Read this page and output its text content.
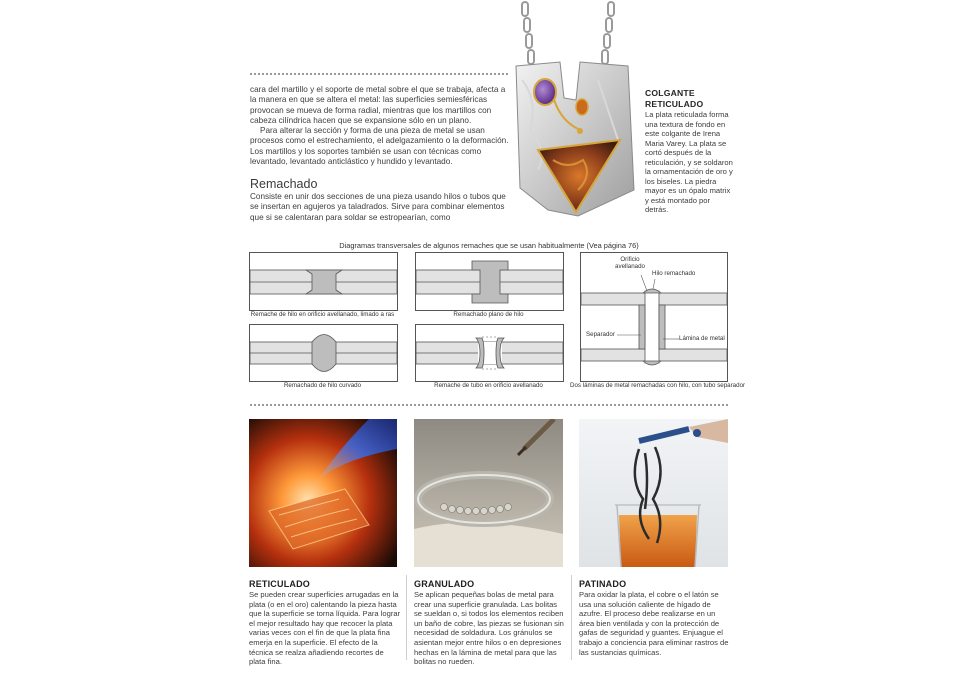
cara del martillo y el soporte de metal sobre el que se trabaja, afecta a la manera en que se altera el metal: las superficies semiesféricas provocan se mueva de forma radial, mientras que los martillos con cabeza cilíndrica hacen que se expansione sólo en un plano.

Para alterar la sección y forma de una pieza de metal se usan procesos como el estrechamiento, el adelgazamiento o la deformación. Los martillos y los soportes también se usan con técnicas como levantado, levantado anticlástico y hundido y levantado.

Remachado
Consiste en unir dos secciones de una pieza usando hilos o tubos que se insertan en agujeros ya taladrados. Sirve para combinar elementos que si se calentaran para soldar se estropearían, como
COLGANTE
RETICULADO
La plata reticulada forma una textura de fondo en este colgante de Irena Maria Varey. La plata se cortó después de la reticulación, y se soldaron la ornamentación de oro y los biseles. La piedra mayor es un ópalo matrix y está montado por detrás.
Diagramas transversales de algunos remaches que se usan habitualmente (Vea página 76)
Remache de hilo en orificio avellanado, limado a ras	Remachado plano de hilo
Remachado de hilo curvado	Remache de tubo en orificio avellanado
Orificio
avellanado
Hilo remachado
Separador
Lámina de metal
Dos láminas de metal remachadas con hilo, con tubo separador
RETICULADO
Se pueden crear superficies arrugadas en la plata (o en el oro) calentando la pieza hasta que la superficie se torna líquida. Para lograr el mejor resultado hay que recocer la plata varias veces con el fin de que la plata fina emerja en la superficie. El efecto de la técnica se realza añadiendo recortes de plata fina.
GRANULADO
Se aplican pequeñas bolas de metal para crear una superficie granulada. Las bolitas se sueldan o, si todos los elementos reciben un baño de cobre, las piezas se fusionan sin necesidad de soldadura. Los gránulos se asientan mejor entre hilos o en depresiones hechas en la lámina de metal para que las bolitas no rueden.
PATINADO
Para oxidar la plata, el cobre o el latón se usa una solución caliente de hígado de azufre. El proceso debe realizarse en un área bien ventilada y con la protección de gafas de seguridad y guantes. Enjuague el trabajo a conciencia para eliminar rastros de las sustancias químicas.
